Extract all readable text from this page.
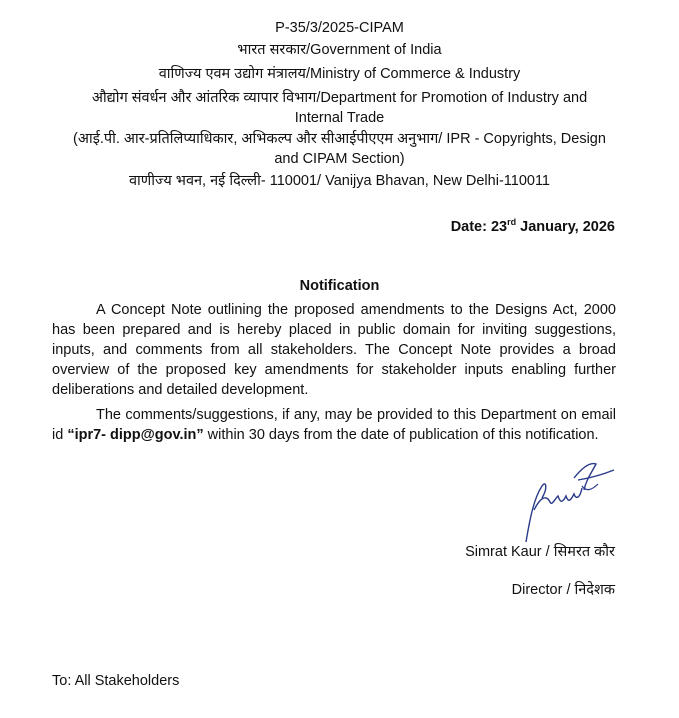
P-35/3/2025-CIPAM
भारत सरकार/Government of India
वाणिज्य एवम उद्योग मंत्रालय/Ministry of Commerce & Industry
औद्योग संवर्धन और आंतरिक व्यापार विभाग/Department for Promotion of Industry and
Internal Trade
(आई.पी. आर-प्रतिलिप्याधिकार, अभिकल्प और सीआईपीएएम अनुभाग/ IPR - Copyrights, Design
and CIPAM Section)
वाणीज्य भवन, नई दिल्ली- 110001/ Vanijya Bhavan, New Delhi-110011
Date: 23rd January, 2026
Notification
A Concept Note outlining the proposed amendments to the Designs Act, 2000 has been prepared and is hereby placed in public domain for inviting suggestions, inputs, and comments from all stakeholders. The Concept Note provides a broad overview of the proposed key amendments for stakeholder inputs enabling further deliberations and detailed development.
The comments/suggestions, if any, may be provided to this Department on email id “ipr7- dipp@gov.in” within 30 days from the date of publication of this notification.
Simrat Kaur / सिमरत कौर
Director / निदेशक
To: All Stakeholders
